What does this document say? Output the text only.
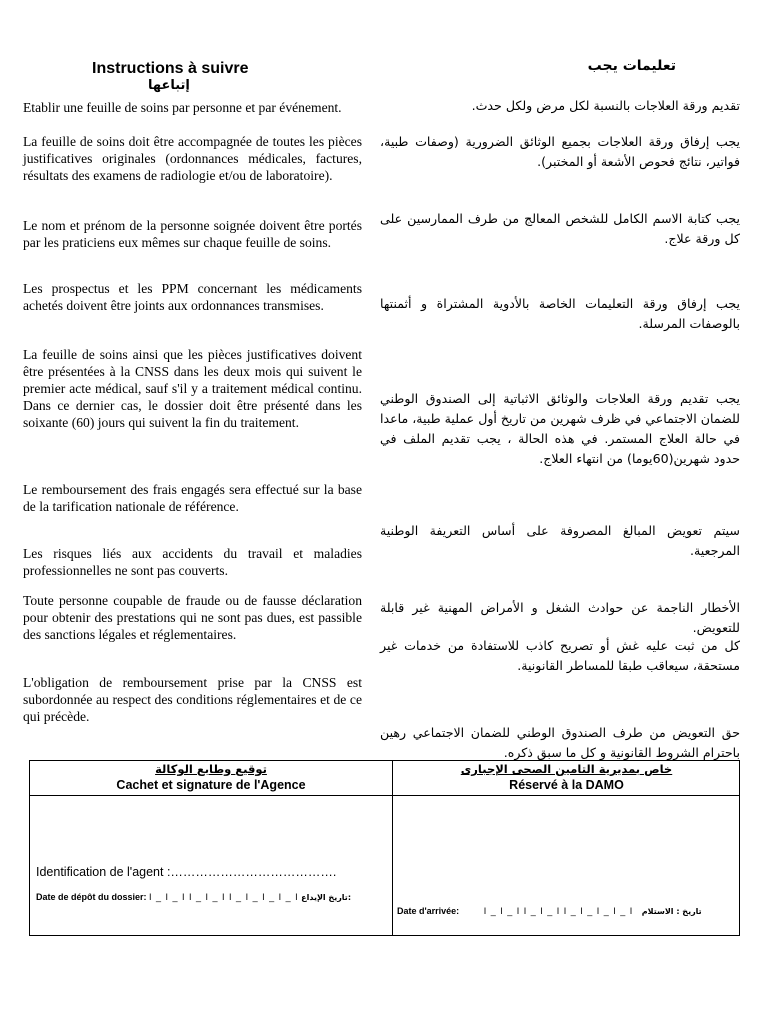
Instructions à suivre
إتباعها
تعليمات يجب

Etablir une feuille de soins par personne et par événement.

La feuille de soins doit être accompagnée de toutes les pièces justificatives originales (ordonnances médicales, factures, résultats des examens de radiologie et/ou de laboratoire).

Le nom et prénom de la personne soignée doivent être portés par les praticiens eux mêmes sur chaque feuille de soins.

Les prospectus et les PPM concernant les médicaments achetés doivent être joints aux ordonnances transmises.

La feuille de soins ainsi que les pièces justificatives doivent être présentées à la CNSS dans les deux mois qui suivent le premier acte médical, sauf s'il y a traitement médical continu. Dans ce dernier cas, le dossier doit être présenté dans les soixante (60) jours qui suivent la fin du traitement.

Le remboursement des frais engagés sera effectué sur la base de la tarification nationale de référence.

Les risques liés aux accidents du travail et maladies professionnelles ne sont pas couverts.

Toute personne coupable de fraude ou de fausse déclaration pour obtenir des prestations qui ne sont pas dues, est passible des sanctions légales et réglementaires.

L'obligation de remboursement prise par la CNSS est subordonnée au respect des conditions réglementaires et de ce qui précède.

تقديم ورقة العلاجات بالنسبة لكل مرض ولكل حدث.

يجب إرفاق ورقة العلاجات بجميع الوثائق الضرورية (وصفات طبية، فواتير، نتائج فحوص الأشعة أو المختبر).

يجب كتابة الاسم الكامل للشخص المعالج من طرف الممارسين على كل ورقة علاج.

يجب إرفاق ورقة التعليمات الخاصة بالأدوية المشتراة و أثمنتها بالوصفات المرسلة.

يجب تقديم ورقة العلاجات والوثائق الاثباتية إلى الصندوق الوطني للضمان الاجتماعي في ظرف شهرين من تاريخ أول عملية طبية، ماعدا في حالة العلاج المستمر. في هذه الحالة ، يجب تقديم الملف في حدود شهرين(60يوما) من انتهاء العلاج.

سيتم تعويض المبالغ المصروفة على أساس التعريفة الوطنية المرجعية.

الأخطار الناجمة عن حوادث الشغل و الأمراض المهنية غير قابلة للتعويض.

كل من ثبت عليه غش أو تصريح كاذب للاستفادة من خدمات غير مستحقة، سيعاقب طبقا للمساطر القانونية.

حق التعويض من طرف الصندوق الوطني للضمان الاجتماعي رهين باحترام الشروط القانونية و كل ما سبق ذكره.

توقيع وطابع الوكالة
Cachet et signature de l'Agence
Identification de l'agent :………………………………….
Date de dépôt du dossier: I _ I _ I I _ I _ I I _ I _ I _ I _ I تاريخ الإيداع:
خاص بمديرية التامين الصحى الإجبارى
Réservé à la DAMO
Date d'arrivée:	I _ I _ I I _ I _ I I _ I _ I _ I _ I تاريخ : الاستلام
